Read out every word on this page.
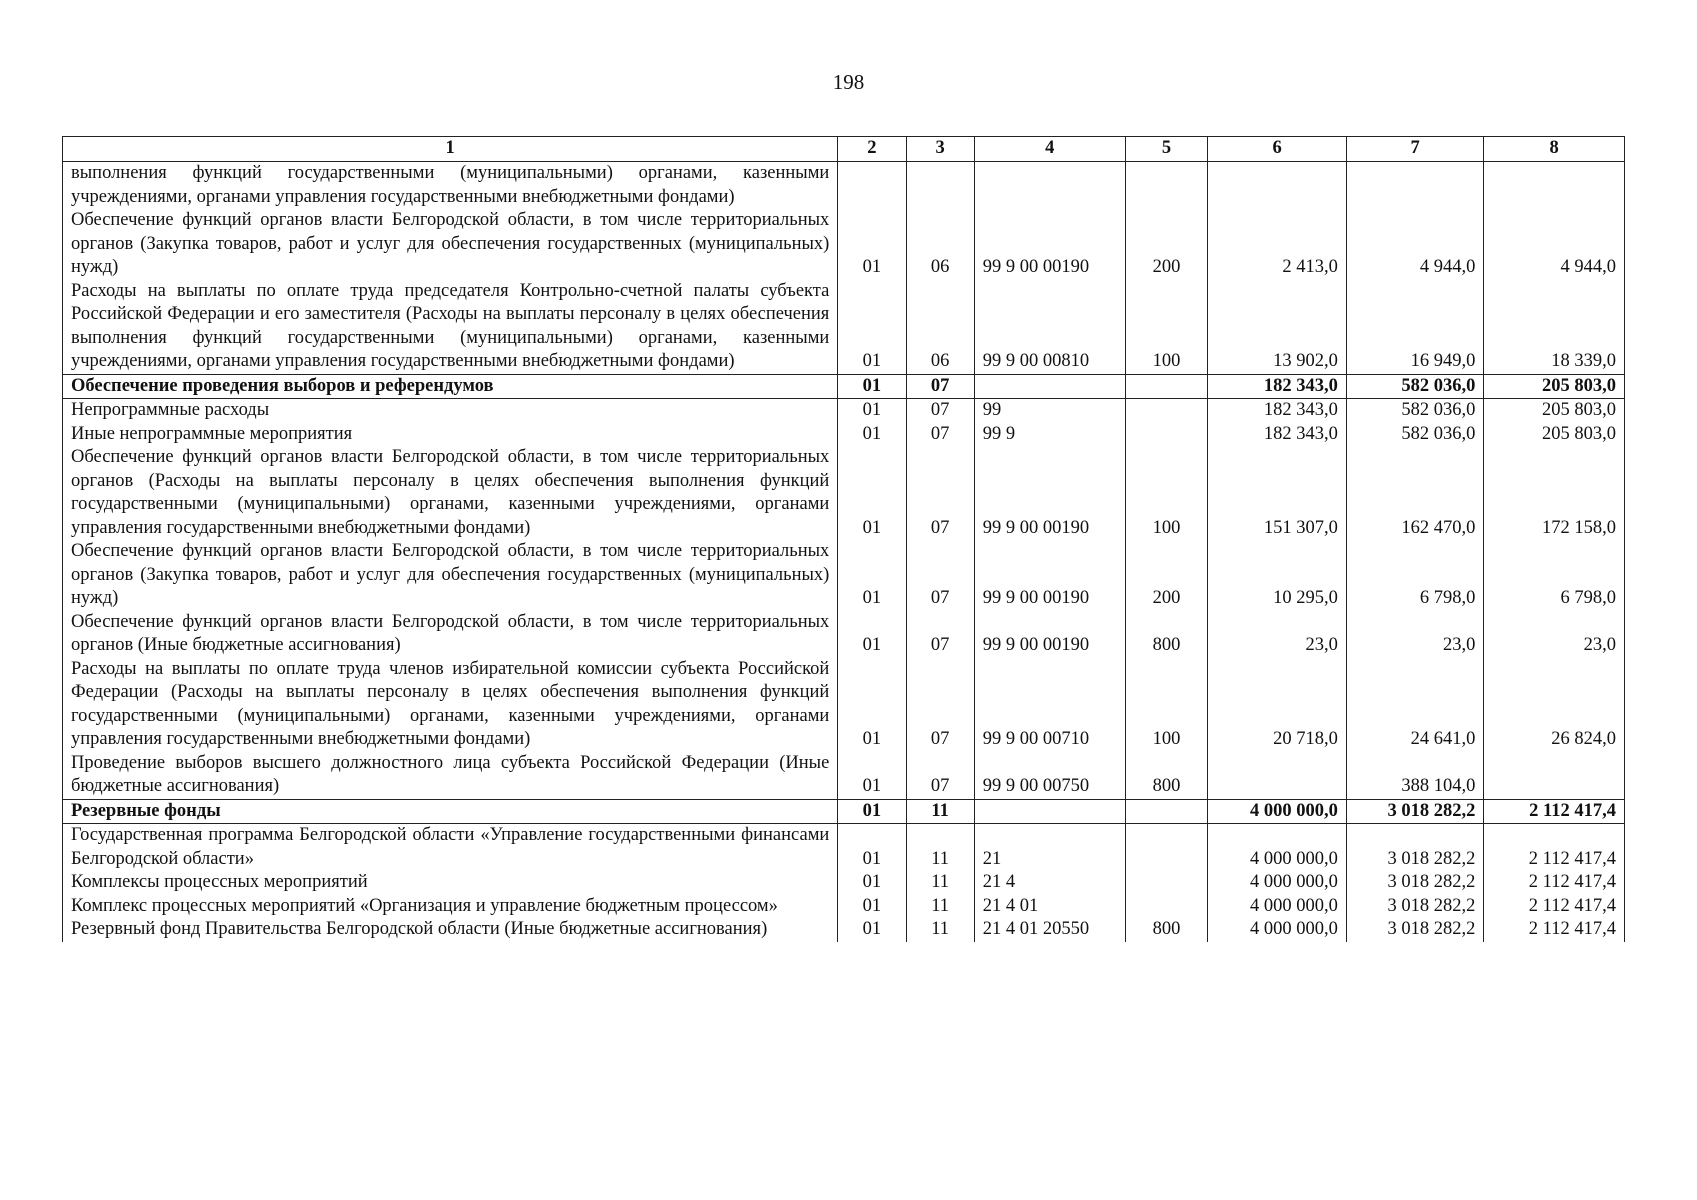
198
1	2	3	4	5	6	7	8
выполнения функций государственными (муниципальными) органами, казенными учреждениями, органами управления государственными внебюджетными фондами)							
Обеспечение функций органов власти Белгородской области, в том числе территориальных органов (Закупка товаров, работ и услуг для обеспечения государственных (муниципальных) нужд)	01	06	99 9 00 00190	200	2 413,0	4 944,0	4 944,0
Расходы на выплаты по оплате труда председателя Контрольно-счетной палаты субъекта Российской Федерации и его заместителя (Расходы на выплаты персоналу в целях обеспечения выполнения функций государственными (муниципальными) органами, казенными учреждениями, органами управления государственными внебюджетными фондами)	01	06	99 9 00 00810	100	13 902,0	16 949,0	18 339,0
Обеспечение проведения выборов и референдумов	01	07			182 343,0	582 036,0	205 803,0
Непрограммные расходы	01	07	99		182 343,0	582 036,0	205 803,0
Иные непрограммные мероприятия	01	07	99 9		182 343,0	582 036,0	205 803,0
Обеспечение функций органов власти Белгородской области, в том числе территориальных органов (Расходы на выплаты персоналу в целях обеспечения выполнения функций государственными (муниципальными) органами, казенными учреждениями, органами управления государственными внебюджетными фондами)	01	07	99 9 00 00190	100	151 307,0	162 470,0	172 158,0
Обеспечение функций органов власти Белгородской области, в том числе территориальных органов (Закупка товаров, работ и услуг для обеспечения государственных (муниципальных) нужд)	01	07	99 9 00 00190	200	10 295,0	6 798,0	6 798,0
Обеспечение функций органов власти Белгородской области, в том числе территориальных органов (Иные бюджетные ассигнования)	01	07	99 9 00 00190	800	23,0	23,0	23,0
Расходы на выплаты по оплате труда членов избирательной комиссии субъекта Российской Федерации (Расходы на выплаты персоналу в целях обеспечения выполнения функций государственными (муниципальными) органами, казенными учреждениями, органами управления государственными внебюджетными фондами)	01	07	99 9 00 00710	100	20 718,0	24 641,0	26 824,0
Проведение выборов высшего должностного лица субъекта Российской Федерации (Иные бюджетные ассигнования)	01	07	99 9 00 00750	800		388 104,0	
Резервные фонды	01	11			4 000 000,0	3 018 282,2	2 112 417,4
Государственная программа Белгородской области «Управление государственными финансами Белгородской области»	01	11	21		4 000 000,0	3 018 282,2	2 112 417,4
Комплексы процессных мероприятий	01	11	21 4		4 000 000,0	3 018 282,2	2 112 417,4
Комплекс процессных мероприятий «Организация и управление бюджетным процессом»	01	11	21 4 01		4 000 000,0	3 018 282,2	2 112 417,4
Резервный фонд Правительства Белгородской области (Иные бюджетные ассигнования)	01	11	21 4 01 20550	800	4 000 000,0	3 018 282,2	2 112 417,4
